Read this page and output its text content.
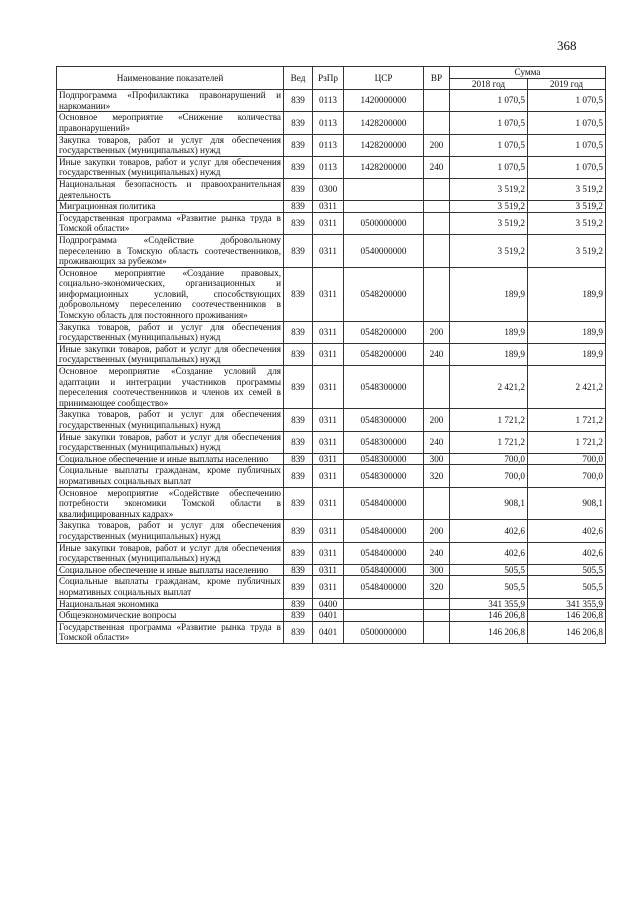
368
Наименование показателей	Вед	РзПр	ЦСР	ВР	Сумма	
					2018 год	2019 год
Подпрограмма «Профилактика правонарушений и наркомании»	839	0113	1420000000		1 070,5	1 070,5
Основное мероприятие «Снижение количества правонарушений»	839	0113	1428200000		1 070,5	1 070,5
Закупка товаров, работ и услуг для обеспечения государственных (муниципальных) нужд	839	0113	1428200000	200	1 070,5	1 070,5
Иные закупки товаров, работ и услуг для обеспечения государственных (муниципальных) нужд	839	0113	1428200000	240	1 070,5	1 070,5
Национальная безопасность и правоохранительная деятельность	839	0300			3 519,2	3 519,2
Миграционная политика	839	0311			3 519,2	3 519,2
Государственная программа «Развитие рынка труда в Томской области»	839	0311	0500000000		3 519,2	3 519,2
Подпрограмма «Содействие добровольному переселению в Томскую область соотечественников, проживающих за рубежом»	839	0311	0540000000		3 519,2	3 519,2
Основное мероприятие «Создание правовых, социально-экономических, организационных и информационных условий, способствующих добровольному переселению соотечественников в Томскую область для постоянного проживания»	839	0311	0548200000		189,9	189,9
Закупка товаров, работ и услуг для обеспечения государственных (муниципальных) нужд	839	0311	0548200000	200	189,9	189,9
Иные закупки товаров, работ и услуг для обеспечения государственных (муниципальных) нужд	839	0311	0548200000	240	189,9	189,9
Основное мероприятие «Создание условий для адаптации и интеграции участников программы переселения соотечественников и членов их семей в принимающее сообщество»	839	0311	0548300000		2 421,2	2 421,2
Закупка товаров, работ и услуг для обеспечения государственных (муниципальных) нужд	839	0311	0548300000	200	1 721,2	1 721,2
Иные закупки товаров, работ и услуг для обеспечения государственных (муниципальных) нужд	839	0311	0548300000	240	1 721,2	1 721,2
Социальное обеспечение и иные выплаты населению	839	0311	0548300000	300	700,0	700,0
Социальные выплаты гражданам, кроме публичных нормативных социальных выплат	839	0311	0548300000	320	700,0	700,0
Основное мероприятие «Содействие обеспечению потребности экономики Томской области в квалифицированных кадрах»	839	0311	0548400000		908,1	908,1
Закупка товаров, работ и услуг для обеспечения государственных (муниципальных) нужд	839	0311	0548400000	200	402,6	402,6
Иные закупки товаров, работ и услуг для обеспечения государственных (муниципальных) нужд	839	0311	0548400000	240	402,6	402,6
Социальное обеспечение и иные выплаты населению	839	0311	0548400000	300	505,5	505,5
Социальные выплаты гражданам, кроме публичных нормативных социальных выплат	839	0311	0548400000	320	505,5	505,5
Национальная экономика	839	0400			341 355,9	341 355,9
Общеэкономические вопросы	839	0401			146 206,8	146 206,8
Государственная программа «Развитие рынка труда в Томской области»	839	0401	0500000000		146 206,8	146 206,8
